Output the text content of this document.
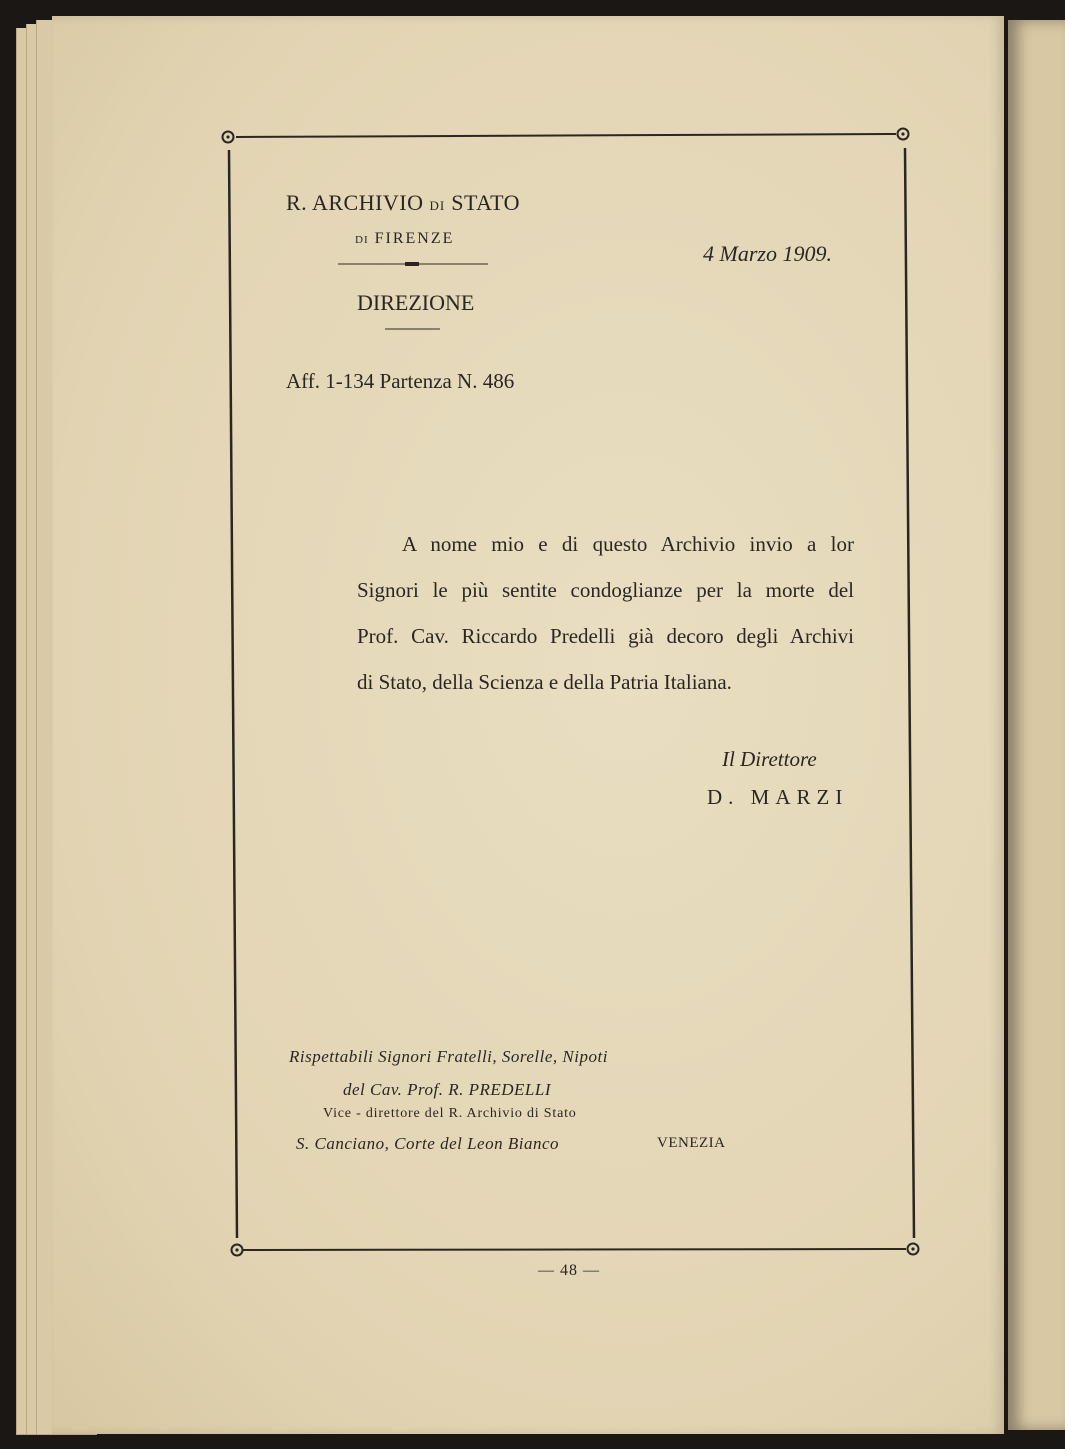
R. ARCHIVIO DI STATO
DI FIRENZE
4 Marzo 1909.
DIREZIONE
Aff. 1-134 Partenza N. 486
A nome mio e di questo Archivio invio a lor
Signori le più sentite condoglianze per la morte del
Prof. Cav. Riccardo Predelli già decoro degli Archivi
di Stato, della Scienza e della Patria Italiana.
Il Direttore
D. MARZI
Rispettabili Signori Fratelli, Sorelle, Nipoti
del Cav. Prof. R. PREDELLI
Vice - direttore del R. Archivio di Stato
S. Canciano, Corte del Leon Bianco	VENEZIA
— 48 —
